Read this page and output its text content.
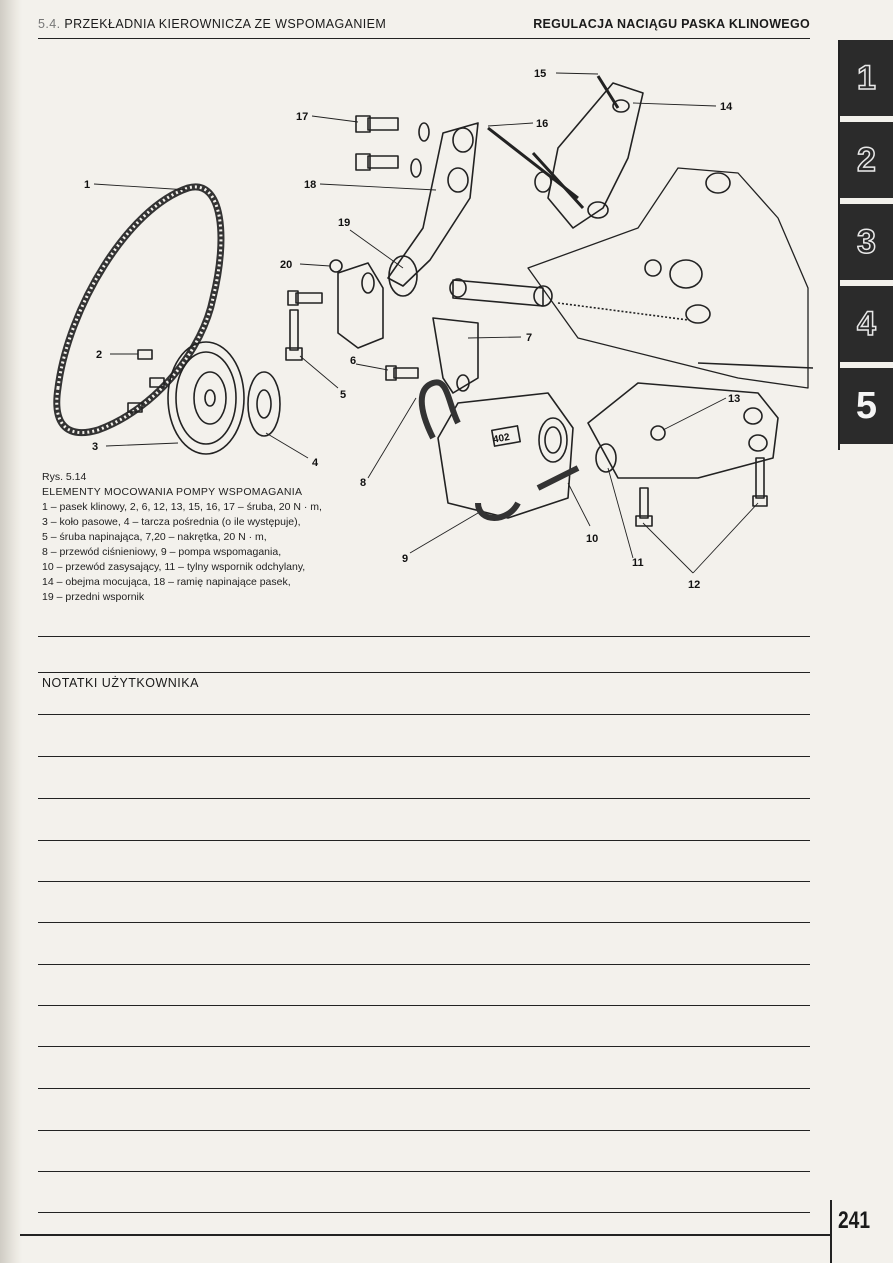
5.4. PRZEKŁADNIA KIEROWNICZA ZE WSPOMAGANIEM	REGULACJA NACIĄGU PASKA KLINOWEGO
1
2
3
4
5
402
1
2
3
4
5
6
7
8
9
10
11
12
13
14
15
16
17
18
19
20
Rys. 5.14
ELEMENTY MOCOWANIA POMPY WSPOMAGANIA
1 – pasek klinowy, 2, 6, 12, 13, 15, 16, 17 – śruba, 20 N · m,
3 – koło pasowe, 4 – tarcza pośrednia (o ile występuje),
5 – śruba napinająca, 7,20 – nakrętka, 20 N · m,
8 – przewód ciśnieniowy, 9 – pompa wspomagania,
10 – przewód zasysający, 11 – tylny wspornik odchylany,
14 – obejma mocująca, 18 – ramię napinające pasek,
19 – przedni wspornik
NOTATKI UŻYTKOWNIKA
241
